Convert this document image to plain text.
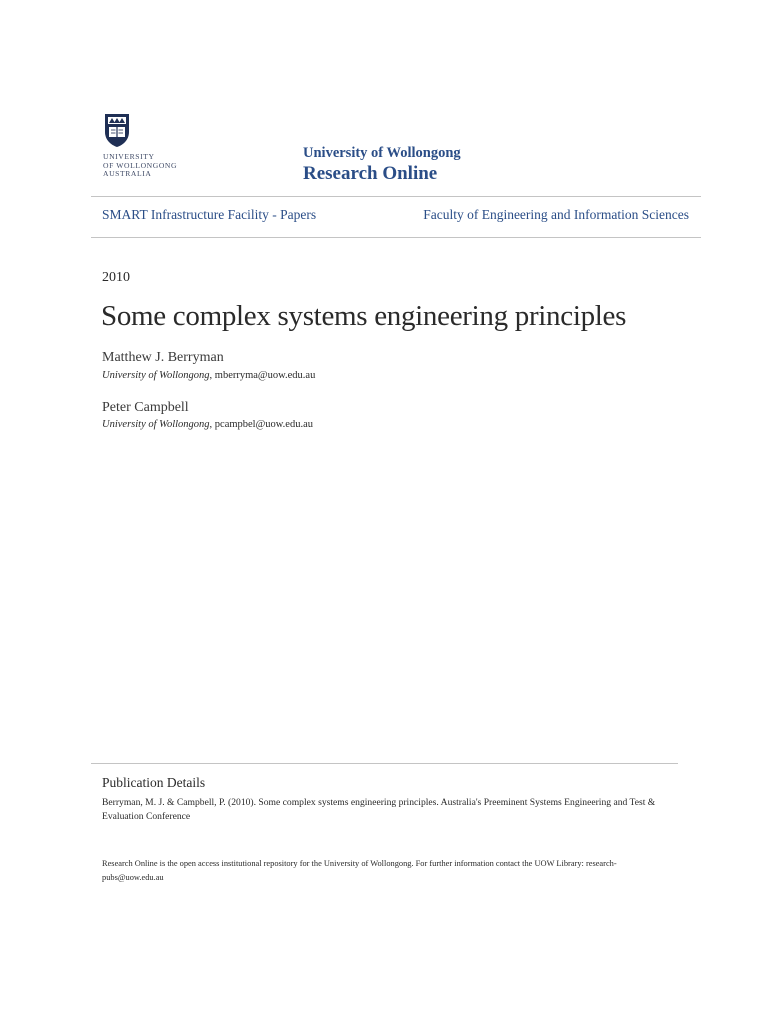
UNIVERSITY
OF WOLLONGONG
AUSTRALIA
University of Wollongong
Research Online
SMART Infrastructure Facility - Papers	Faculty of Engineering and Information Sciences
2010
Some complex systems engineering principles
Matthew J. Berryman
University of Wollongong, mberryma@uow.edu.au
Peter Campbell
University of Wollongong, pcampbel@uow.edu.au
Publication Details
Berryman, M. J. & Campbell, P. (2010). Some complex systems engineering principles. Australia's Preeminent Systems Engineering and Test & Evaluation Conference
Research Online is the open access institutional repository for the University of Wollongong. For further information contact the UOW Library: research-pubs@uow.edu.au
